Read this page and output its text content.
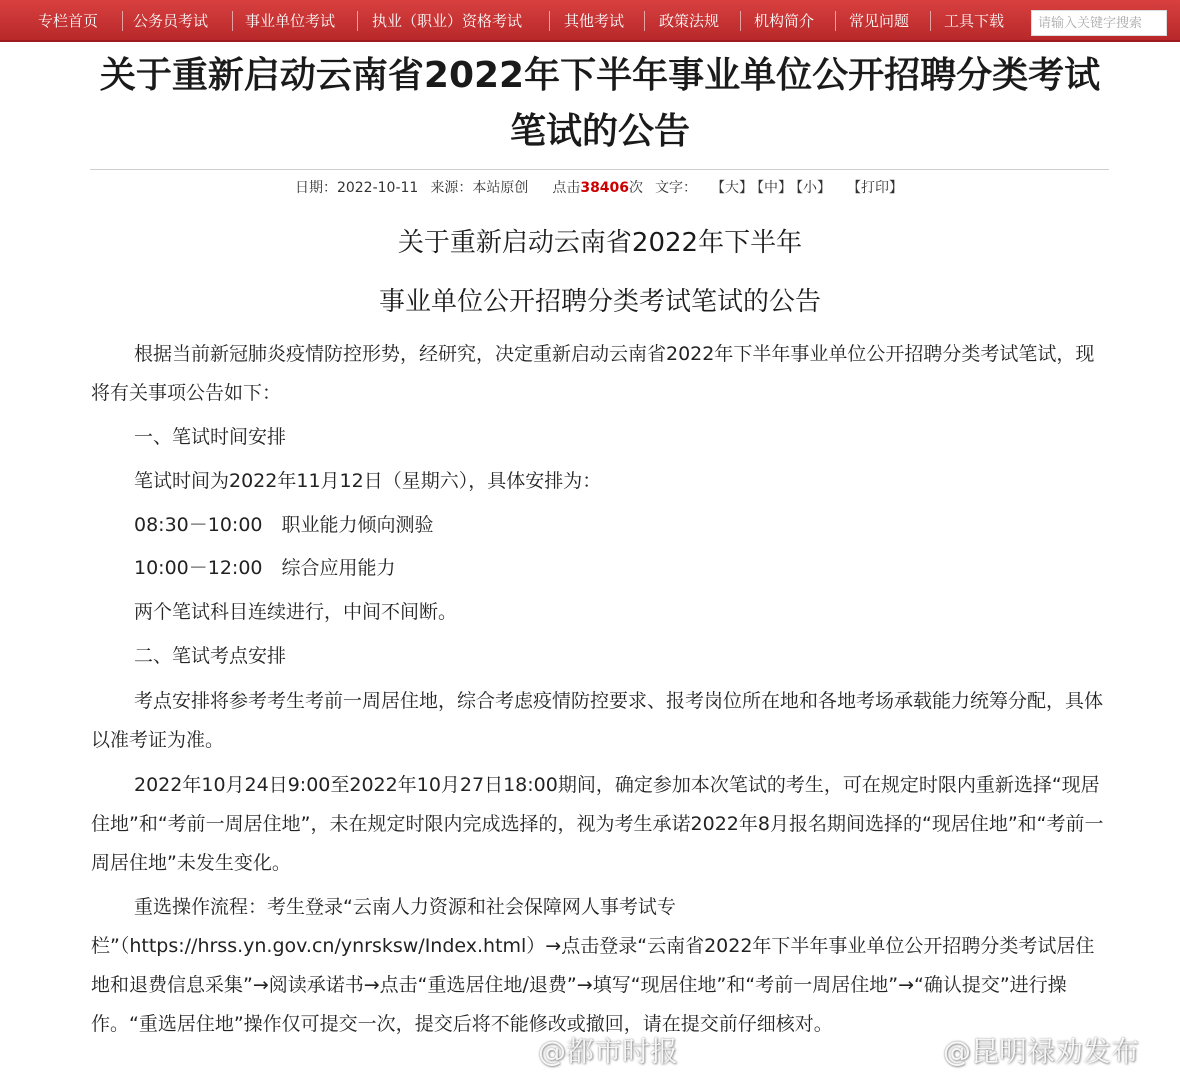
专栏首页 公务员考试 事业单位考试 执业（职业）资格考试	其他考试 政策法规 机构简介 常见问题 工具下载
请输入关键字搜索
关于重新启动云南省2022年下半年事业单位公开招聘分类考试笔试的公告
日期：2022-10-11 来源：本站原创 点击38406次 文字： 【大】 【中】 【小】 【打印】
关于重新启动云南省2022年下半年
事业单位公开招聘分类考试笔试的公告

根据当前新冠肺炎疫情防控形势，经研究，决定重新启动云南省2022年下半年事业单位公开招聘分类考试笔试，现将有关事项公告如下：

一、笔试时间安排

笔试时间为2022年11月12日（星期六），具体安排为：

08:30－10:00　职业能力倾向测验

10:00－12:00　综合应用能力

两个笔试科目连续进行，中间不间断。

二、笔试考点安排

考点安排将参考考生考前一周居住地，综合考虑疫情防控要求、报考岗位所在地和各地考场承载能力统筹分配，具体以准考证为准。

2022年10月24日9:00至2022年10月27日18:00期间，确定参加本次笔试的考生，可在规定时限内重新选择“现居住地”和“考前一周居住地”，未在规定时限内完成选择的，视为考生承诺2022年8月报名期间选择的“现居住地”和“考前一周居住地”未发生变化。

重选操作流程：考生登录“云南人力资源和社会保障网人事考试专栏”（https://hrss.yn.gov.cn/ynrsksw/Index.html）→点击登录“云南省2022年下半年事业单位公开招聘分类考试居住地和退费信息采集”→阅读承诺书→点击“重选居住地/退费”→填写“现居住地”和“考前一周居住地”→“确认提交”进行操作。“重选居住地”操作仅可提交一次，提交后将不能修改或撤回，请在提交前仔细核对。

@都市时报	@昆明禄劝发布
